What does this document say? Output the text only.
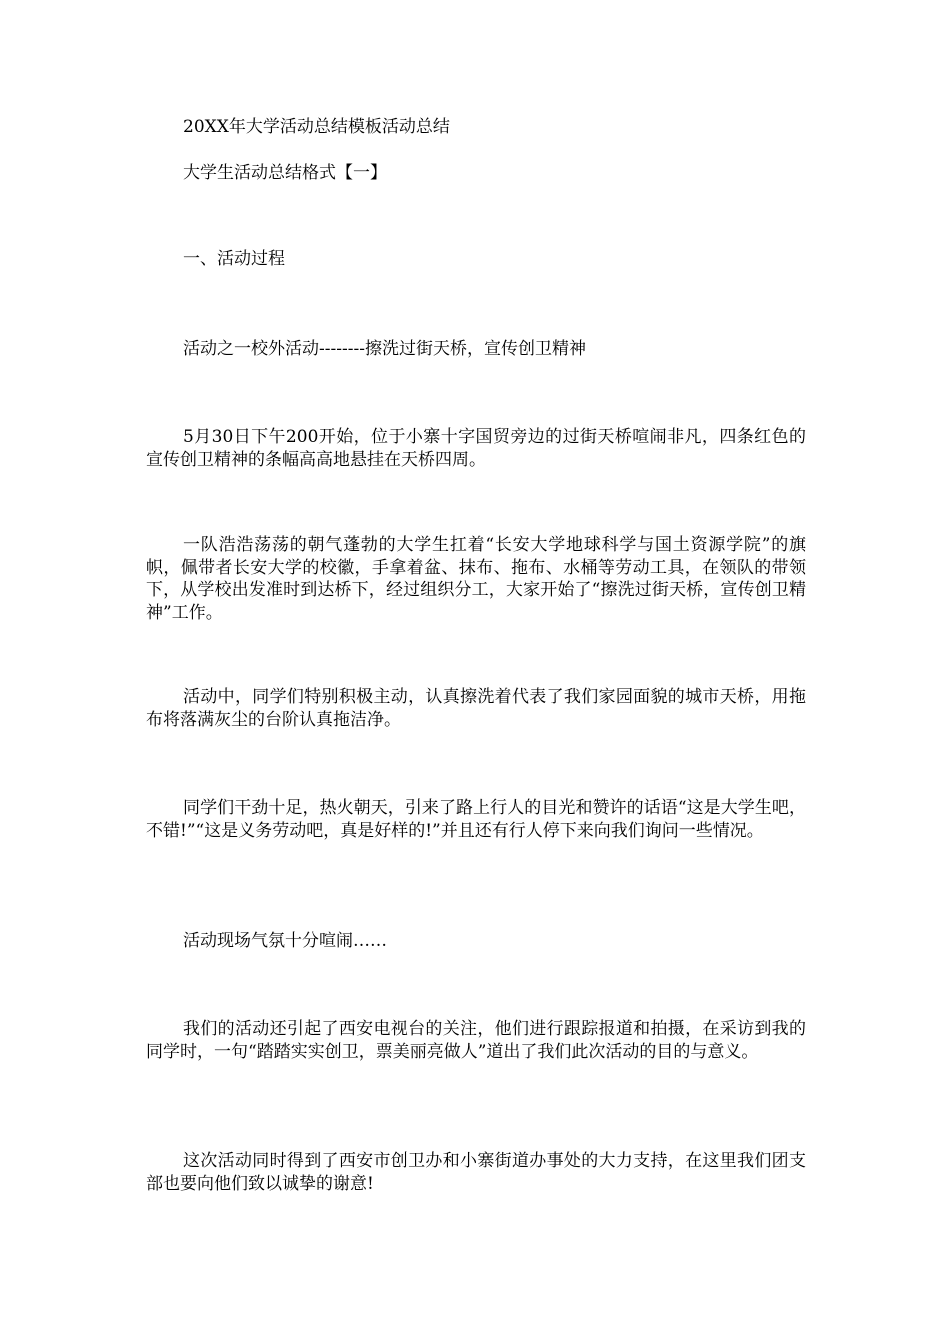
20XX年大学活动总结模板活动总结
大学生活动总结格式【一】
一、活动过程
活动之一校外活动--------擦洗过街天桥，宣传创卫精神
5月30日下午200开始，位于小寨十字国贸旁边的过街天桥喧闹非凡，四条红色的宣传创卫精神的条幅高高地悬挂在天桥四周。
一队浩浩荡荡的朝气蓬勃的大学生扛着“长安大学地球科学与国土资源学院”的旗帜，佩带者长安大学的校徽，手拿着盆、抹布、拖布、水桶等劳动工具，在领队的带领下，从学校出发准时到达桥下，经过组织分工，大家开始了“擦洗过街天桥，宣传创卫精神”工作。
活动中，同学们特别积极主动，认真擦洗着代表了我们家园面貌的城市天桥，用拖布将落满灰尘的台阶认真拖洁净。
同学们干劲十足，热火朝天，引来了路上行人的目光和赞许的话语“这是大学生吧，不错!”“这是义务劳动吧，真是好样的!”并且还有行人停下来向我们询问一些情况。
活动现场气氛十分喧闹……
我们的活动还引起了西安电视台的关注，他们进行跟踪报道和拍摄，在采访到我的同学时，一句“踏踏实实创卫，票美丽亮做人”道出了我们此次活动的目的与意义。
这次活动同时得到了西安市创卫办和小寨街道办事处的大力支持，在这里我们团支部也要向他们致以诚挚的谢意!
